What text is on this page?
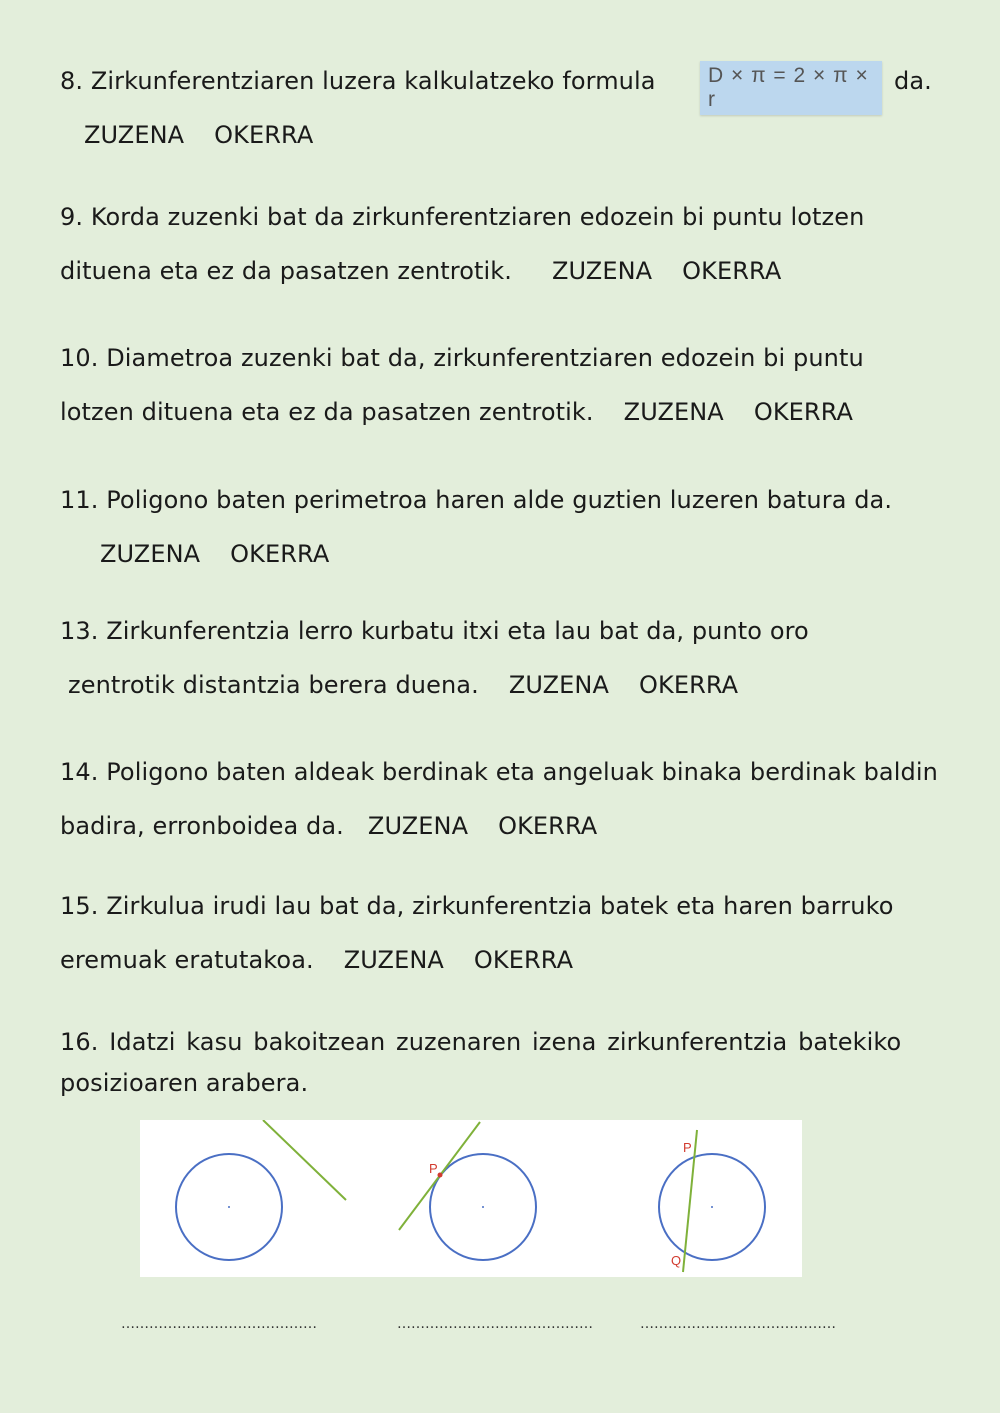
8. Zirkunferentziaren luzera kalkulatzeko formula D × π = 2 × π × r
da.
ZUZENA OKERRA
9. Korda zuzenki bat da zirkunferentziaren edozein bi puntu lotzen
dituena eta ez da pasatzen zentrotik. ZUZENA OKERRA
10. Diametroa zuzenki bat da, zirkunferentziaren edozein bi puntu
lotzen dituena eta ez da pasatzen zentrotik. ZUZENA OKERRA
11. Poligono baten perimetroa haren alde guztien luzeren batura da.
ZUZENA OKERRA
13. Zirkunferentzia lerro kurbatu itxi eta lau bat da, punto oro
zentrotik distantzia berera duena. ZUZENA OKERRA
14. Poligono baten aldeak berdinak eta angeluak binaka berdinak baldin
badira, erronboidea da. ZUZENA OKERRA
15. Zirkulua irudi lau bat da, zirkunferentzia batek eta haren barruko
eremuak eratutakoa. ZUZENA OKERRA
16. Idatzi kasu bakoitzean zuzenaren izena zirkunferentzia batekiko
posizioaren arabera.
P
P
Q
……………………………………	……………………………………	……………………………………
